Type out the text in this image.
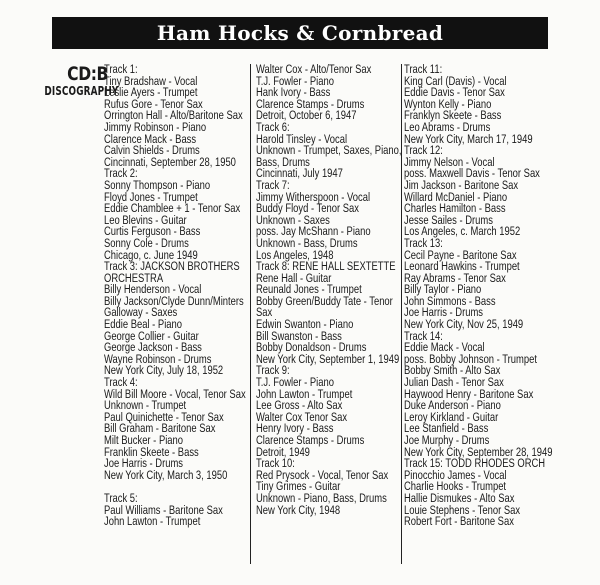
Ham Hocks & Cornbread
CD:B
DISCOGRAPHY
Track 1:
Tiny Bradshaw - Vocal
Leslie Ayers - Trumpet
Rufus Gore - Tenor Sax
Orrington Hall - Alto/Baritone Sax
Jimmy Robinson - Piano
Clarence Mack - Bass
Calvin Shields - Drums
Cincinnati, September 28, 1950
Track 2:
Sonny Thompson - Piano
Floyd Jones - Trumpet
Eddie Chamblee + 1 - Tenor Sax
Leo Blevins - Guitar
Curtis Ferguson - Bass
Sonny Cole - Drums
Chicago, c. June 1949
Track 3: JACKSON BROTHERS
ORCHESTRA
Billy Henderson - Vocal
Billy Jackson/Clyde Dunn/Minters
Galloway - Saxes
Eddie Beal - Piano
George Collier - Guitar
George Jackson - Bass
Wayne Robinson - Drums
New York City, July 18, 1952
Track 4:
Wild Bill Moore - Vocal, Tenor Sax
Unknown - Trumpet
Paul Quinichette - Tenor Sax
Bill Graham - Baritone Sax
Milt Bucker - Piano
Franklin Skeete - Bass
Joe Harris - Drums
New York City, March 3, 1950
Track 5:
Paul Williams - Baritone Sax
John Lawton - Trumpet
Walter Cox - Alto/Tenor Sax
T.J. Fowler - Piano
Hank Ivory - Bass
Clarence Stamps - Drums
Detroit, October 6, 1947
Track 6:
Harold Tinsley - Vocal
Unknown - Trumpet, Saxes, Piano,
Bass, Drums
Cincinnati, July 1947
Track 7:
Jimmy Witherspoon - Vocal
Buddy Floyd - Tenor Sax
Unknown - Saxes
poss. Jay McShann - Piano
Unknown - Bass, Drums
Los Angeles, 1948
Track 8: RENE HALL SEXTETTE
Rene Hall - Guitar
Reunald Jones - Trumpet
Bobby Green/Buddy Tate - Tenor
Sax
Edwin Swanton - Piano
Bill Swanston - Bass
Bobby Donaldson - Drums
New York City, September 1, 1949
Track 9:
T.J. Fowler - Piano
John Lawton - Trumpet
Lee Gross - Alto Sax
Walter Cox Tenor Sax
Henry Ivory - Bass
Clarence Stamps - Drums
Detroit, 1949
Track 10:
Red Prysock - Vocal, Tenor Sax
Tiny Grimes - Guitar
Unknown - Piano, Bass, Drums
New York City, 1948
Track 11:
King Carl (Davis) - Vocal
Eddie Davis - Tenor Sax
Wynton Kelly - Piano
Franklyn Skeete - Bass
Leo Abrams - Drums
New York City, March 17, 1949
Track 12:
Jimmy Nelson - Vocal
poss. Maxwell Davis - Tenor Sax
Jim Jackson - Baritone Sax
Willard McDaniel - Piano
Charles Hamilton - Bass
Jesse Sailes - Drums
Los Angeles, c. March 1952
Track 13:
Cecil Payne - Baritone Sax
Leonard Hawkins - Trumpet
Ray Abrams - Tenor Sax
Billy Taylor - Piano
John Simmons - Bass
Joe Harris - Drums
New York City, Nov 25, 1949
Track 14:
Eddie Mack - Vocal
poss. Bobby Johnson - Trumpet
Bobby Smith - Alto Sax
Julian Dash - Tenor Sax
Haywood Henry - Baritone Sax
Duke Anderson - Piano
Leroy Kirkland - Guitar
Lee Stanfield - Bass
Joe Murphy - Drums
New York City, September 28, 1949
Track 15: TODD RHODES ORCH
Pinocchio James - Vocal
Charlie Hooks - Trumpet
Hallie Dismukes - Alto Sax
Louie Stephens - Tenor Sax
Robert Fort - Baritone Sax
